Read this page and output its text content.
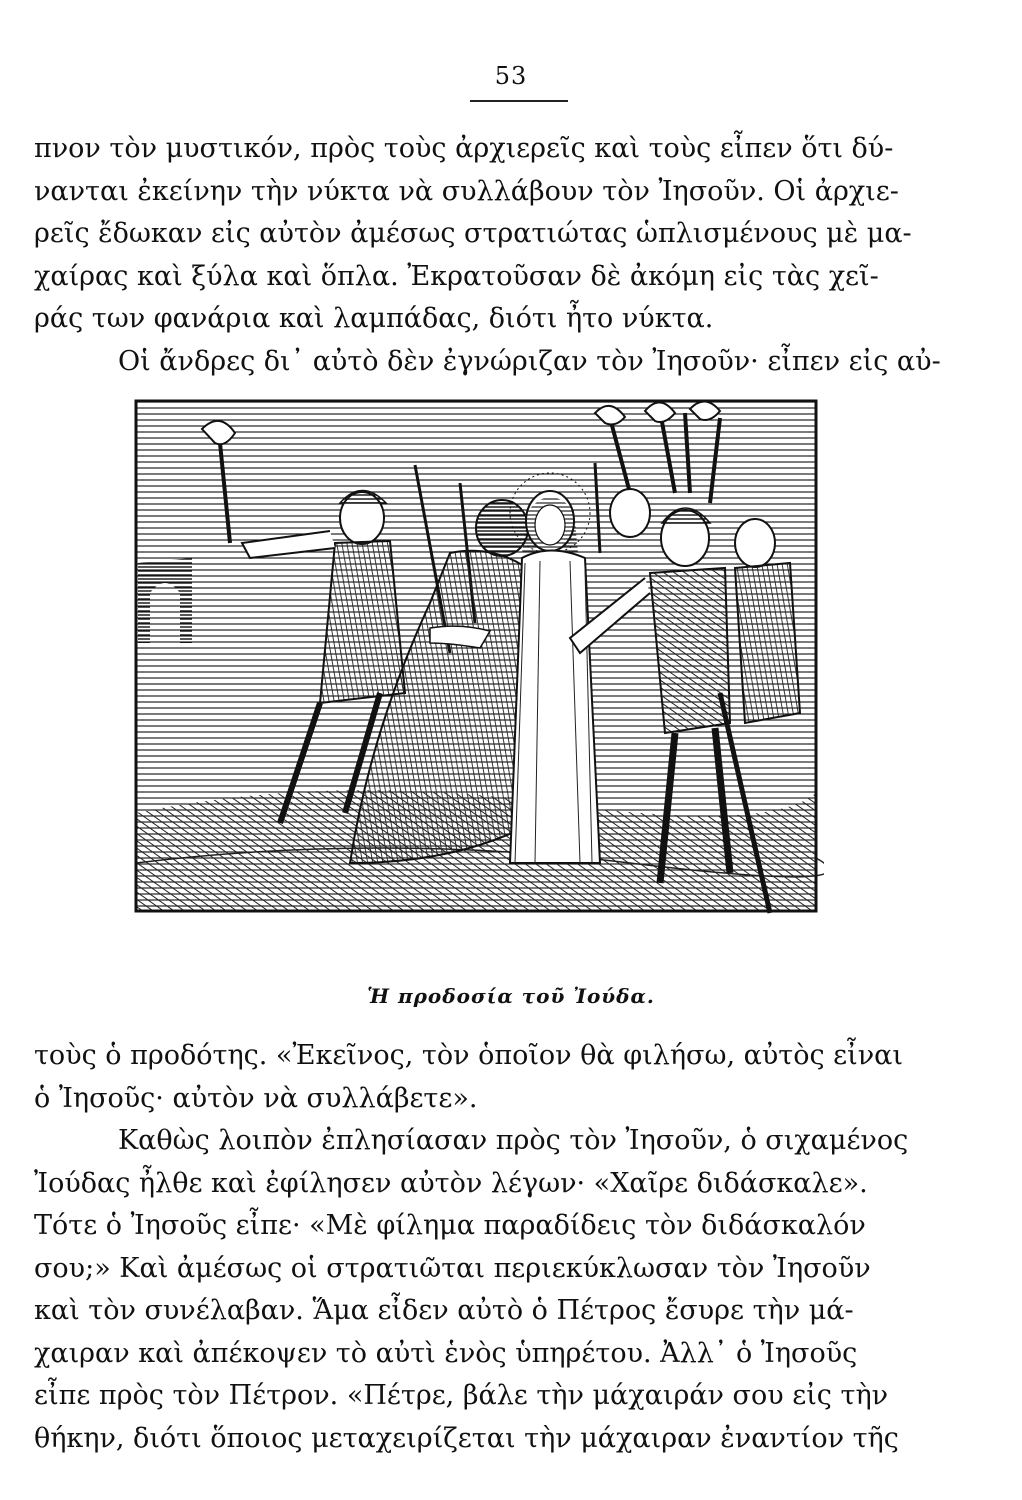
53
πνον τὸν μυστικόν, πρὸς τοὺς ἀρχιερεῖς καὶ τοὺς εἶπεν ὅτι δύ-
νανται ἐκείνην τὴν νύκτα νὰ συλλάβουν τὸν Ἰησοῦν. Οἱ ἀρχιε-
ρεῖς ἔδωκαν εἰς αὐτὸν ἀμέσως στρατιώτας ὡπλισμένους μὲ μα-
χαίρας καὶ ξύλα καὶ ὅπλα. Ἐκρατοῦσαν δὲ ἀκόμη εἰς τὰς χεῖ-
ράς των φανάρια καὶ λαμπάδας, διότι ἦτο νύκτα.
Οἱ ἄνδρες δι᾽ αὐτὸ δὲν ἐγνώριζαν τὸν Ἰησοῦν· εἶπεν εἰς αὐ-
Ἡ προδοσία τοῦ Ἰούδα.
τοὺς ὁ προδότης. «Ἐκεῖνος, τὸν ὁποῖον θὰ φιλήσω, αὐτὸς εἶναι
ὁ Ἰησοῦς· αὐτὸν νὰ συλλάβετε».
Καθὼς λοιπὸν ἐπλησίασαν πρὸς τὸν Ἰησοῦν, ὁ σιχαμένος
Ἰούδας ἦλθε καὶ ἐφίλησεν αὐτὸν λέγων· «Χαῖρε διδάσκαλε».
Τότε ὁ Ἰησοῦς εἶπε· «Μὲ φίλημα παραδίδεις τὸν διδάσκαλόν
σου;» Καὶ ἀμέσως οἱ στρατιῶται περιεκύκλωσαν τὸν Ἰησοῦν
καὶ τὸν συνέλαβαν. Ἅμα εἶδεν αὐτὸ ὁ Πέτρος ἔσυρε τὴν μά-
χαιραν καὶ ἀπέκοψεν τὸ αὐτὶ ἑνὸς ὑπηρέτου. Ἀλλ᾽ ὁ Ἰησοῦς
εἶπε πρὸς τὸν Πέτρον. «Πέτρε, βάλε τὴν μάχαιράν σου εἰς τὴν
θήκην, διότι ὅποιος μεταχειρίζεται τὴν μάχαιραν ἐναντίον τῆς
